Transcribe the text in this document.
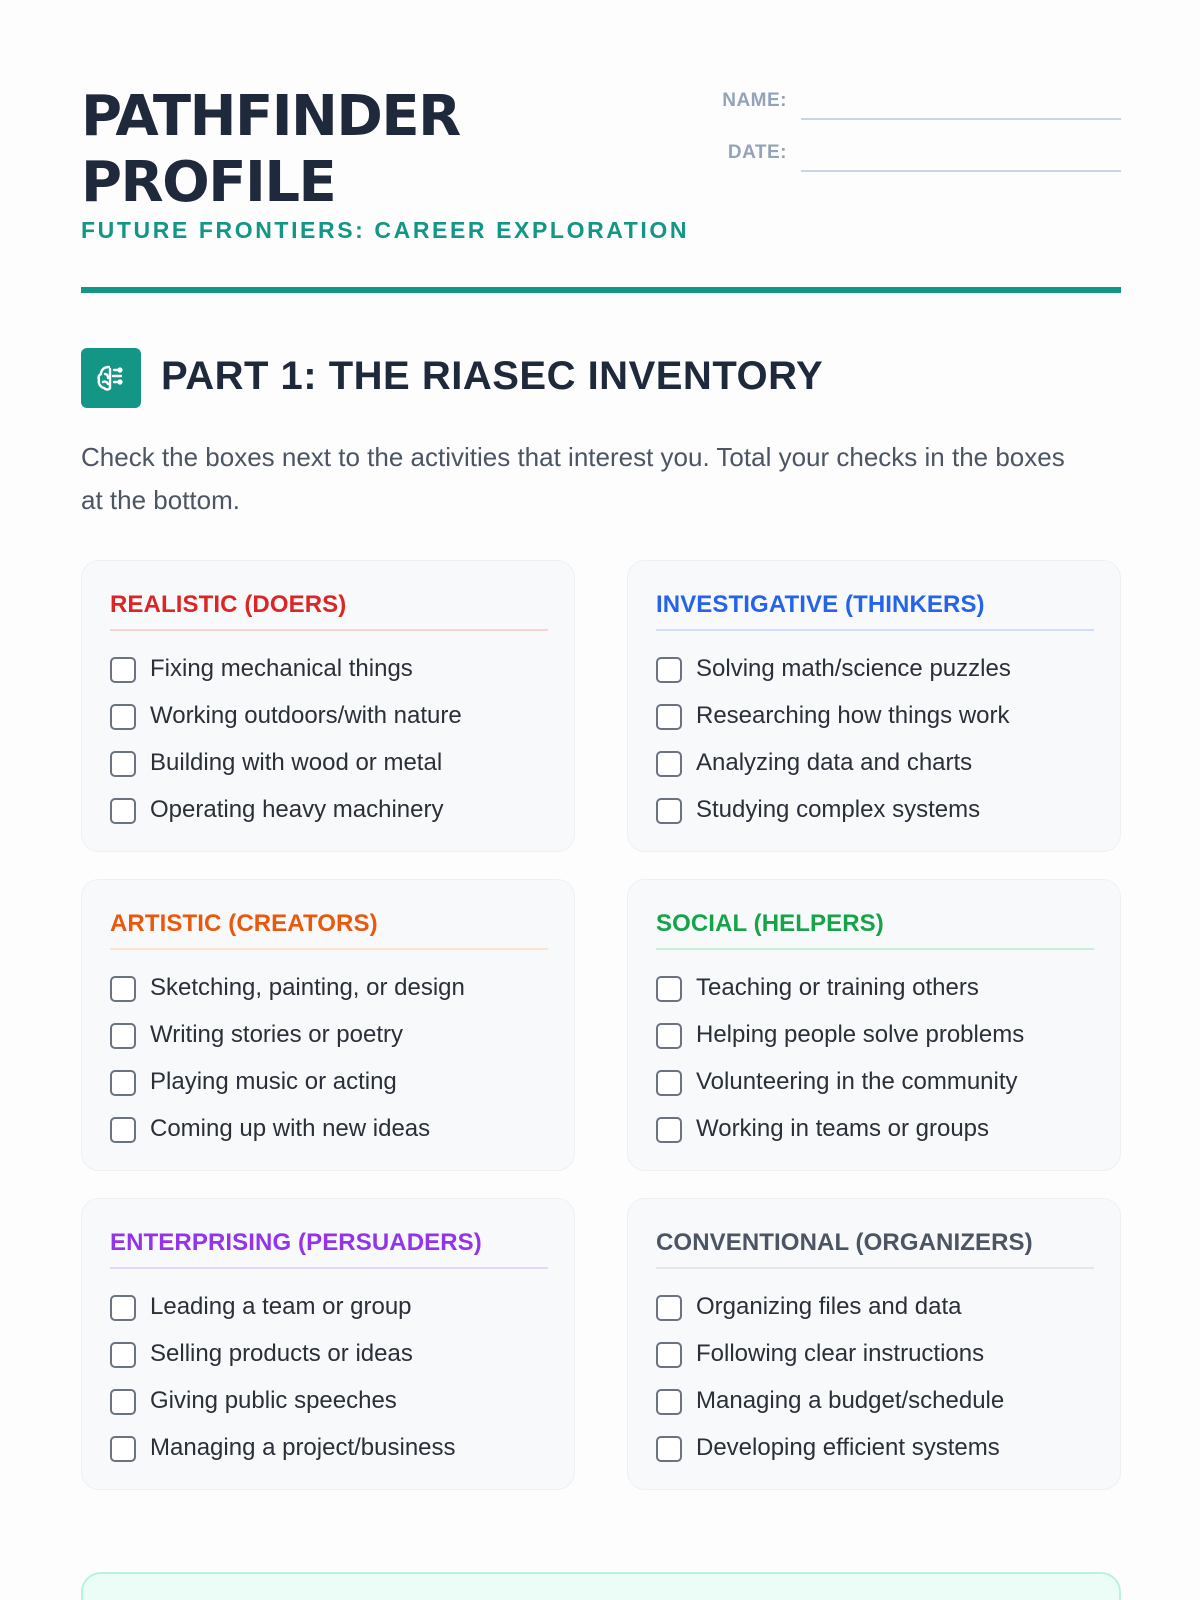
PATHFINDER
PROFILE
FUTURE FRONTIERS: CAREER EXPLORATION
NAME:
DATE:
PART 1: THE RIASEC INVENTORY
Check the boxes next to the activities that interest you. Total your checks in the boxes at the bottom.
REALISTIC (DOERS)
Fixing mechanical things
Working outdoors/with nature
Building with wood or metal
Operating heavy machinery
INVESTIGATIVE (THINKERS)
Solving math/science puzzles
Researching how things work
Analyzing data and charts
Studying complex systems
ARTISTIC (CREATORS)
Sketching, painting, or design
Writing stories or poetry
Playing music or acting
Coming up with new ideas
SOCIAL (HELPERS)
Teaching or training others
Helping people solve problems
Volunteering in the community
Working in teams or groups
ENTERPRISING (PERSUADERS)
Leading a team or group
Selling products or ideas
Giving public speeches
Managing a project/business
CONVENTIONAL (ORGANIZERS)
Organizing files and data
Following clear instructions
Managing a budget/schedule
Developing efficient systems
